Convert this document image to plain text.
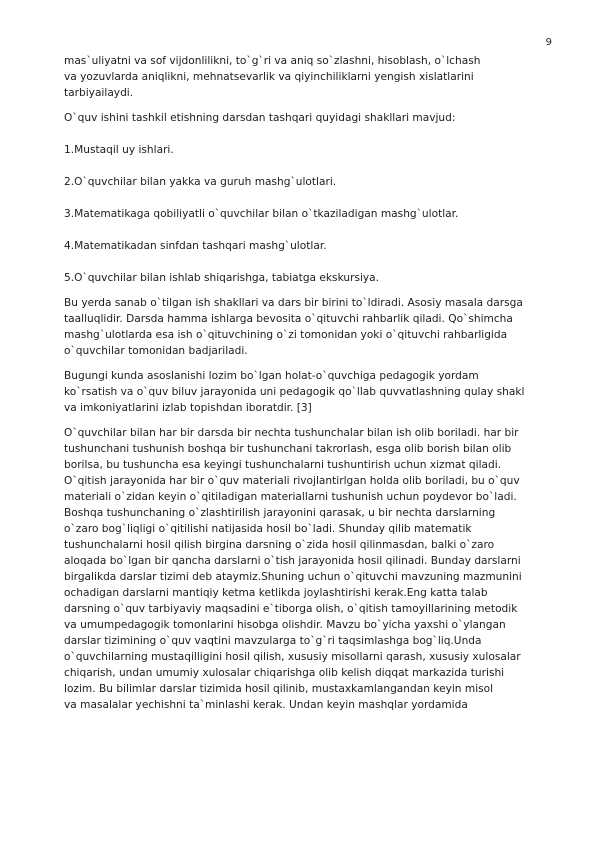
9

mas`uliyatni va sof vijdonlilikni, to`g`ri va aniq so`zlashni, hisoblash, o`lchash
va yozuvlarda aniqlikni, mehnatsevarlik va qiyinchiliklarni yengish xislatlarini
tarbiyailaydi.

O`quv ishini tashkil etishning darsdan tashqari quyidagi shakllari mavjud:

1.Mustaqil uy ishlari.

2.O`quvchilar bilan yakka va guruh mashg`ulotlari.

3.Matematikaga qobiliyatli o`quvchilar bilan o`tkaziladigan mashg`ulotlar.

4.Matematikadan sinfdan tashqari mashg`ulotlar.

5.O`quvchilar bilan ishlab shiqarishga, tabiatga ekskursiya.

Bu yerda sanab o`tilgan ish shakllari va dars bir birini to`ldiradi. Asosiy masala darsga
taalluqlidir. Darsda hamma ishlarga bevosita o`qituvchi rahbarlik qiladi. Qo`shimcha
mashg`ulotlarda esa ish o`qituvchining o`zi tomonidan yoki o`qituvchi rahbarligida
o`quvchilar tomonidan badjariladi.

Bugungi kunda asoslanishi lozim bo`lgan holat-o`quvchiga pedagogik yordam
ko`rsatish va o`quv biluv jarayonida uni pedagogik qo`llab quvvatlashning qulay shakl
va imkoniyatlarini izlab topishdan iboratdir. [3]

O`quvchilar bilan har bir darsda bir nechta tushunchalar bilan ish olib boriladi. har bir
tushunchani tushunish boshqa bir tushunchani takrorlash, esga olib borish bilan olib
borilsa, bu tushuncha esa keyingi tushunchalarni tushuntirish uchun xizmat qiladi.
O`qitish jarayonida har bir o`quv materiali rivojlantirlgan holda olib boriladi, bu o`quv
materiali o`zidan keyin o`qitiladigan materiallarni tushunish uchun poydevor bo`ladi.
Boshqa tushunchaning o`zlashtirilish jarayonini qarasak, u bir nechta darslarning
o`zaro bog`liqligi o`qitilishi natijasida hosil bo`ladi. Shunday qilib matematik
tushunchalarni hosil qilish birgina darsning o`zida hosil qilinmasdan, balki o`zaro
aloqada bo`lgan bir qancha darslarni o`tish jarayonida hosil qilinadi. Bunday darslarni
birgalikda darslar tizimi deb ataymiz.Shuning uchun o`qituvchi mavzuning mazmunini
ochadigan darslarni mantiqiy ketma ketlikda joylashtirishi kerak.Eng katta talab
darsning o`quv tarbiyaviy maqsadini e`tiborga olish, o`qitish tamoyillarining metodik
va umumpedagogik tomonlarini hisobga olishdir. Mavzu bo`yicha yaxshi o`ylangan
darslar tizimining o`quv vaqtini mavzularga to`g`ri taqsimlashga bog`liq.Unda
o`quvchilarning mustaqilligini hosil qilish, xususiy misollarni qarash, xususiy xulosalar
chiqarish, undan umumiy xulosalar chiqarishga olib kelish diqqat markazida turishi
lozim. Bu bilimlar darslar tizimida hosil qilinib, mustaxkamlangandan keyin misol
va masalalar yechishni ta`minlashi kerak. Undan keyin mashqlar yordamida
